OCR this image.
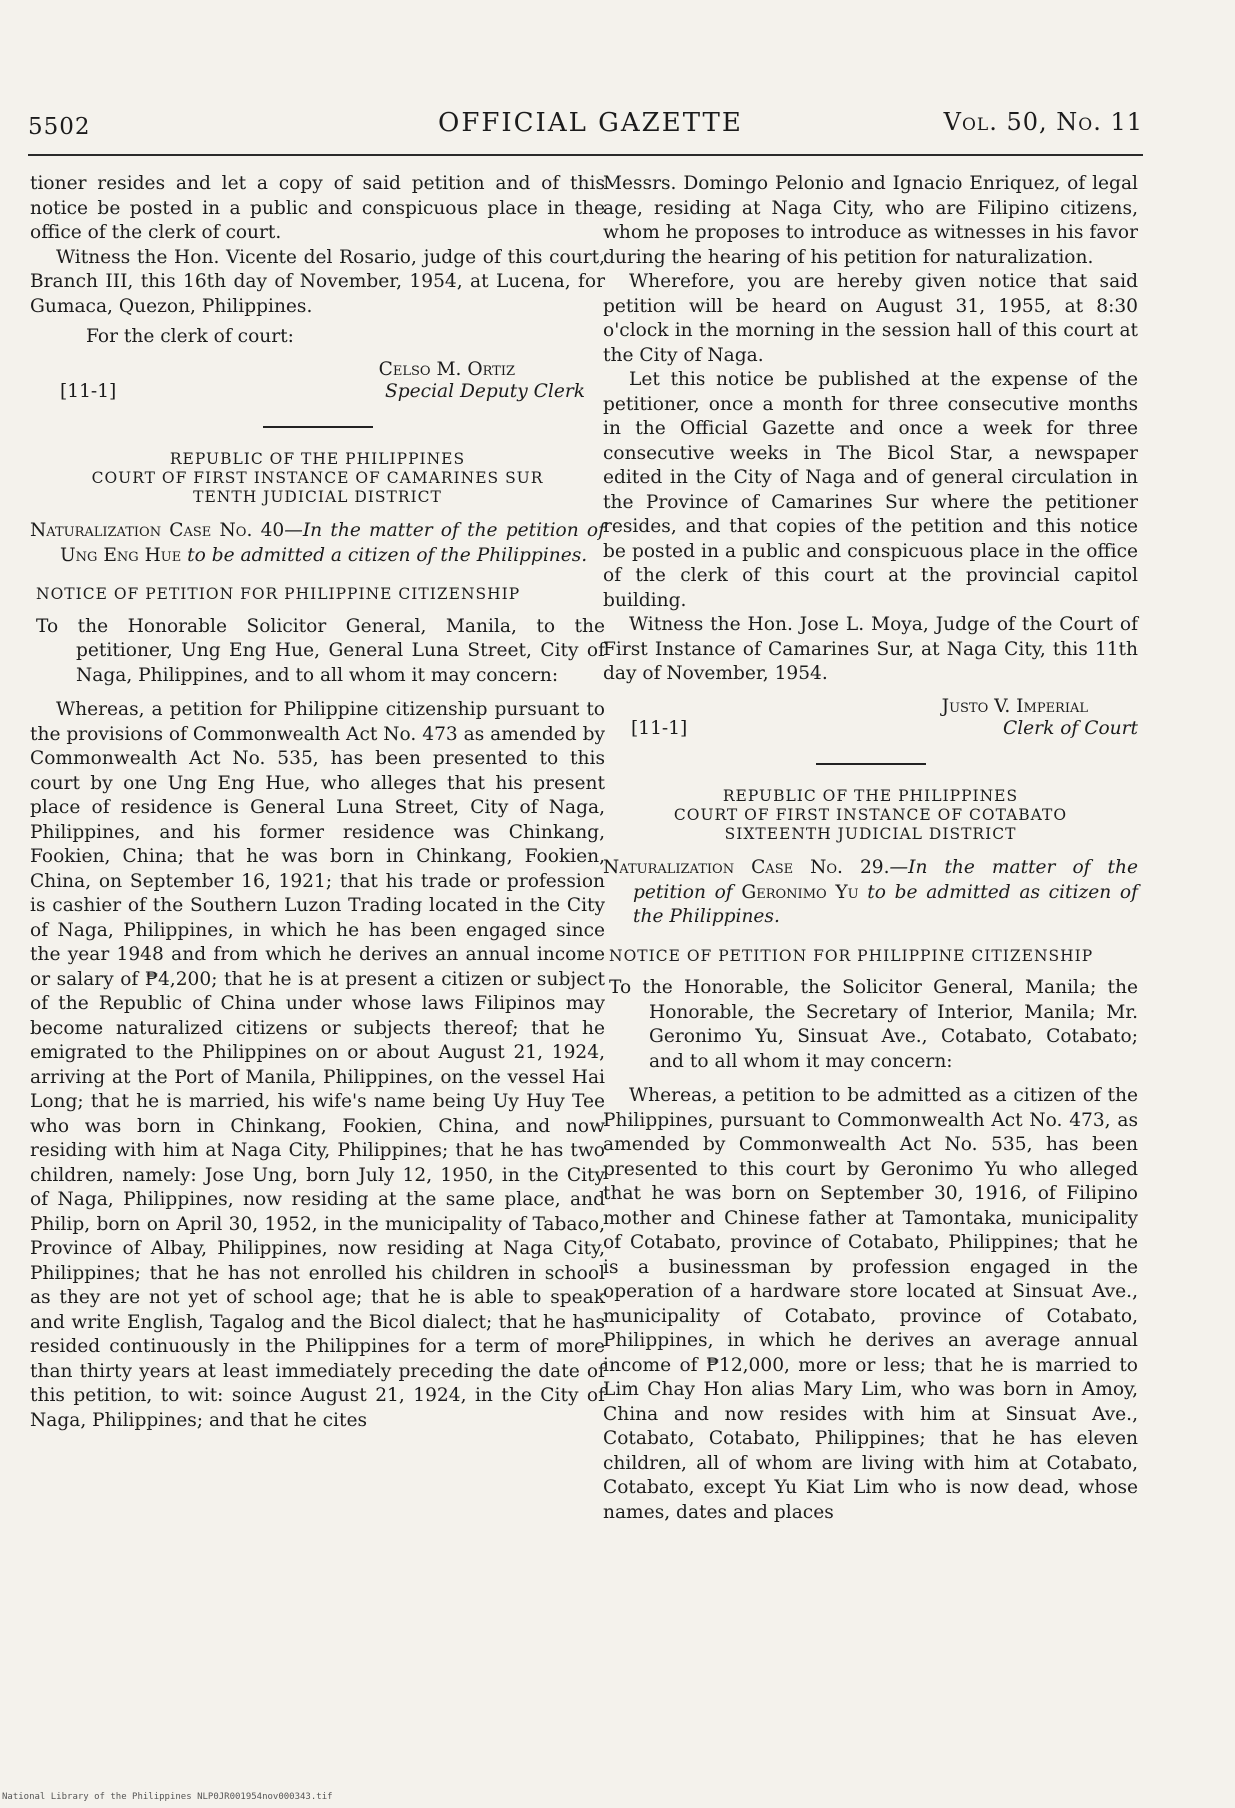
5502	OFFICIAL GAZETTE	Vol. 50, No. 11

tioner resides and let a copy of said petition and of this notice be posted in a public and conspicuous place in the office of the clerk of court.

Witness the Hon. Vicente del Rosario, judge of this court, Branch III, this 16th day of November, 1954, at Lucena, for Gumaca, Quezon, Philippines.

For the clerk of court:

Celso M. Ortiz

[11-1]	Special Deputy Clerk
REPUBLIC OF THE PHILIPPINES
COURT OF FIRST INSTANCE OF CAMARINES SUR
TENTH JUDICIAL DISTRICT

Naturalization Case No. 40—In the matter of the petition of Ung Eng Hue to be admitted a citizen of the Philippines.

NOTICE OF PETITION FOR PHILIPPINE CITIZENSHIP

To the Honorable Solicitor General, Manila, to the petitioner, Ung Eng Hue, General Luna Street, City of Naga, Philippines, and to all whom it may concern:

Whereas, a petition for Philippine citizenship pursuant to the provisions of Commonwealth Act No. 473 as amended by Commonwealth Act No. 535, has been presented to this court by one Ung Eng Hue, who alleges that his present place of residence is General Luna Street, City of Naga, Philippines, and his former residence was Chinkang, Fookien, China; that he was born in Chinkang, Fookien, China, on September 16, 1921; that his trade or profession is cashier of the Southern Luzon Trading located in the City of Naga, Philippines, in which he has been engaged since the year 1948 and from which he derives an annual income or salary of ₱4,200; that he is at present a citizen or subject of the Republic of China under whose laws Filipinos may become naturalized citizens or subjects thereof; that he emigrated to the Philippines on or about August 21, 1924, arriving at the Port of Manila, Philippines, on the vessel Hai Long; that he is married, his wife's name being Uy Huy Tee who was born in Chinkang, Fookien, China, and now residing with him at Naga City, Philippines; that he has two children, namely: Jose Ung, born July 12, 1950, in the City of Naga, Philippines, now residing at the same place, and Philip, born on April 30, 1952, in the municipality of Tabaco, Province of Albay, Philippines, now residing at Naga City, Philippines; that he has not enrolled his children in school as they are not yet of school age; that he is able to speak and write English, Tagalog and the Bicol dialect; that he has resided continuously in the Philippines for a term of more than thirty years at least immediately preceding the date of this petition, to wit: soince August 21, 1924, in the City of Naga, Philippines; and that he cites

Messrs. Domingo Pelonio and Ignacio Enriquez, of legal age, residing at Naga City, who are Filipino citizens, whom he proposes to introduce as witnesses in his favor during the hearing of his petition for naturalization.

Wherefore, you are hereby given notice that said petition will be heard on August 31, 1955, at 8:30 o'clock in the morning in the session hall of this court at the City of Naga.

Let this notice be published at the expense of the petitioner, once a month for three consecutive months in the Official Gazette and once a week for three consecutive weeks in The Bicol Star, a newspaper edited in the City of Naga and of general circulation in the Province of Camarines Sur where the petitioner resides, and that copies of the petition and this notice be posted in a public and conspicuous place in the office of the clerk of this court at the provincial capitol building.

Witness the Hon. Jose L. Moya, Judge of the Court of First Instance of Camarines Sur, at Naga City, this 11th day of November, 1954.

Justo V. Imperial

[11-1]	Clerk of Court
REPUBLIC OF THE PHILIPPINES
COURT OF FIRST INSTANCE OF COTABATO
SIXTEENTH JUDICIAL DISTRICT

Naturalization Case No. 29.—In the matter of the petition of Geronimo Yu to be admitted as citizen of the Philippines.

NOTICE OF PETITION FOR PHILIPPINE CITIZENSHIP

To the Honorable, the Solicitor General, Manila; the Honorable, the Secretary of Interior, Manila; Mr. Geronimo Yu, Sinsuat Ave., Cotabato, Cotabato; and to all whom it may concern:

Whereas, a petition to be admitted as a citizen of the Philippines, pursuant to Commonwealth Act No. 473, as amended by Commonwealth Act No. 535, has been presented to this court by Geronimo Yu who alleged that he was born on September 30, 1916, of Filipino mother and Chinese father at Tamontaka, municipality of Cotabato, province of Cotabato, Philippines; that he is a businessman by profession engaged in the operation of a hardware store located at Sinsuat Ave., municipality of Cotabato, province of Cotabato, Philippines, in which he derives an average annual income of ₱12,000, more or less; that he is married to Lim Chay Hon alias Mary Lim, who was born in Amoy, China and now resides with him at Sinsuat Ave., Cotabato, Cotabato, Philippines; that he has eleven children, all of whom are living with him at Cotabato, Cotabato, except Yu Kiat Lim who is now dead, whose names, dates and places

National Library of the Philippines NLP0JR001954nov000343.tif
